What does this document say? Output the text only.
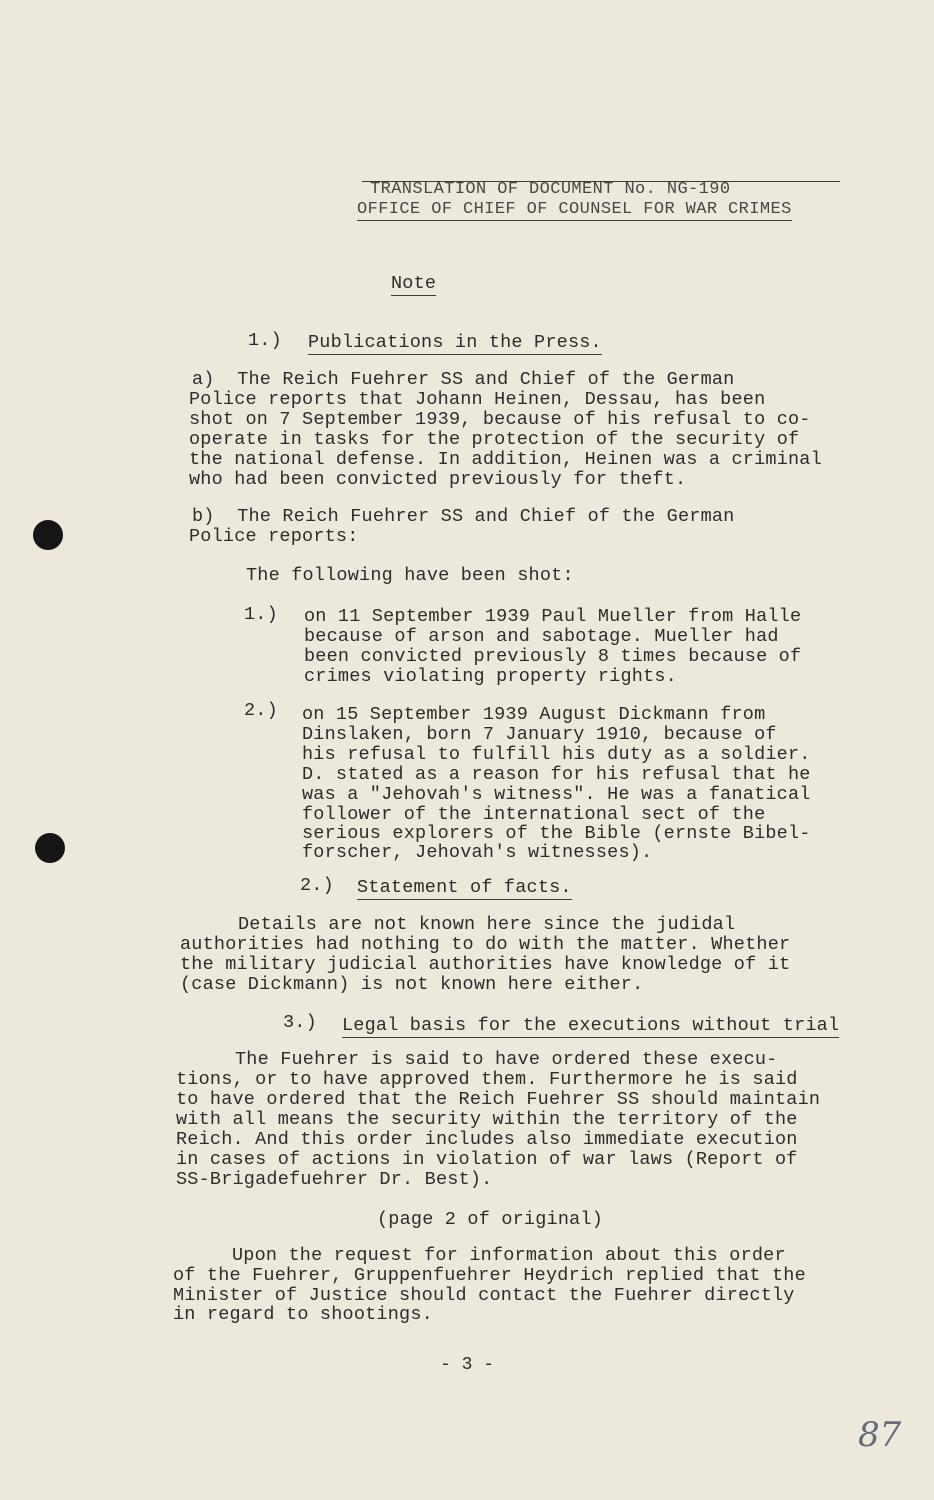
TRANSLATION OF DOCUMENT No. NG-190
OFFICE OF CHIEF OF COUNSEL FOR WAR CRIMES
Note
1.) Publications in the Press.
a)  The Reich Fuehrer SS and Chief of the German
Police reports that Johann Heinen, Dessau, has been
shot on 7 September 1939, because of his refusal to co-
operate in tasks for the protection of the security of
the national defense. In addition, Heinen was a criminal
who had been convicted previously for theft.
b)  The Reich Fuehrer SS and Chief of the German
Police reports:
The following have been shot:
1.) on 11 September 1939 Paul Mueller from Halle
because of arson and sabotage. Mueller had
been convicted previously 8 times because of
crimes violating property rights.
2.) on 15 September 1939 August Dickmann from
Dinslaken, born 7 January 1910, because of
his refusal to fulfill his duty as a soldier.
D. stated as a reason for his refusal that he
was a "Jehovah's witness". He was a fanatical
follower of the international sect of the
serious explorers of the Bible (ernste Bibel-
forscher, Jehovah's witnesses).
2.) Statement of facts.
Details are not known here since the judidal
authorities had nothing to do with the matter. Whether
the military judicial authorities have knowledge of it
(case Dickmann) is not known here either.
3.) Legal basis for the executions without trial
The Fuehrer is said to have ordered these execu-
tions, or to have approved them. Furthermore he is said
to have ordered that the Reich Fuehrer SS should maintain
with all means the security within the territory of the
Reich. And this order includes also immediate execution
in cases of actions in violation of war laws (Report of
SS-Brigadefuehrer Dr. Best).
(page 2 of original)
Upon the request for information about this order
of the Fuehrer, Gruppenfuehrer Heydrich replied that the
Minister of Justice should contact the Fuehrer directly
in regard to shootings.
- 3 -
87
